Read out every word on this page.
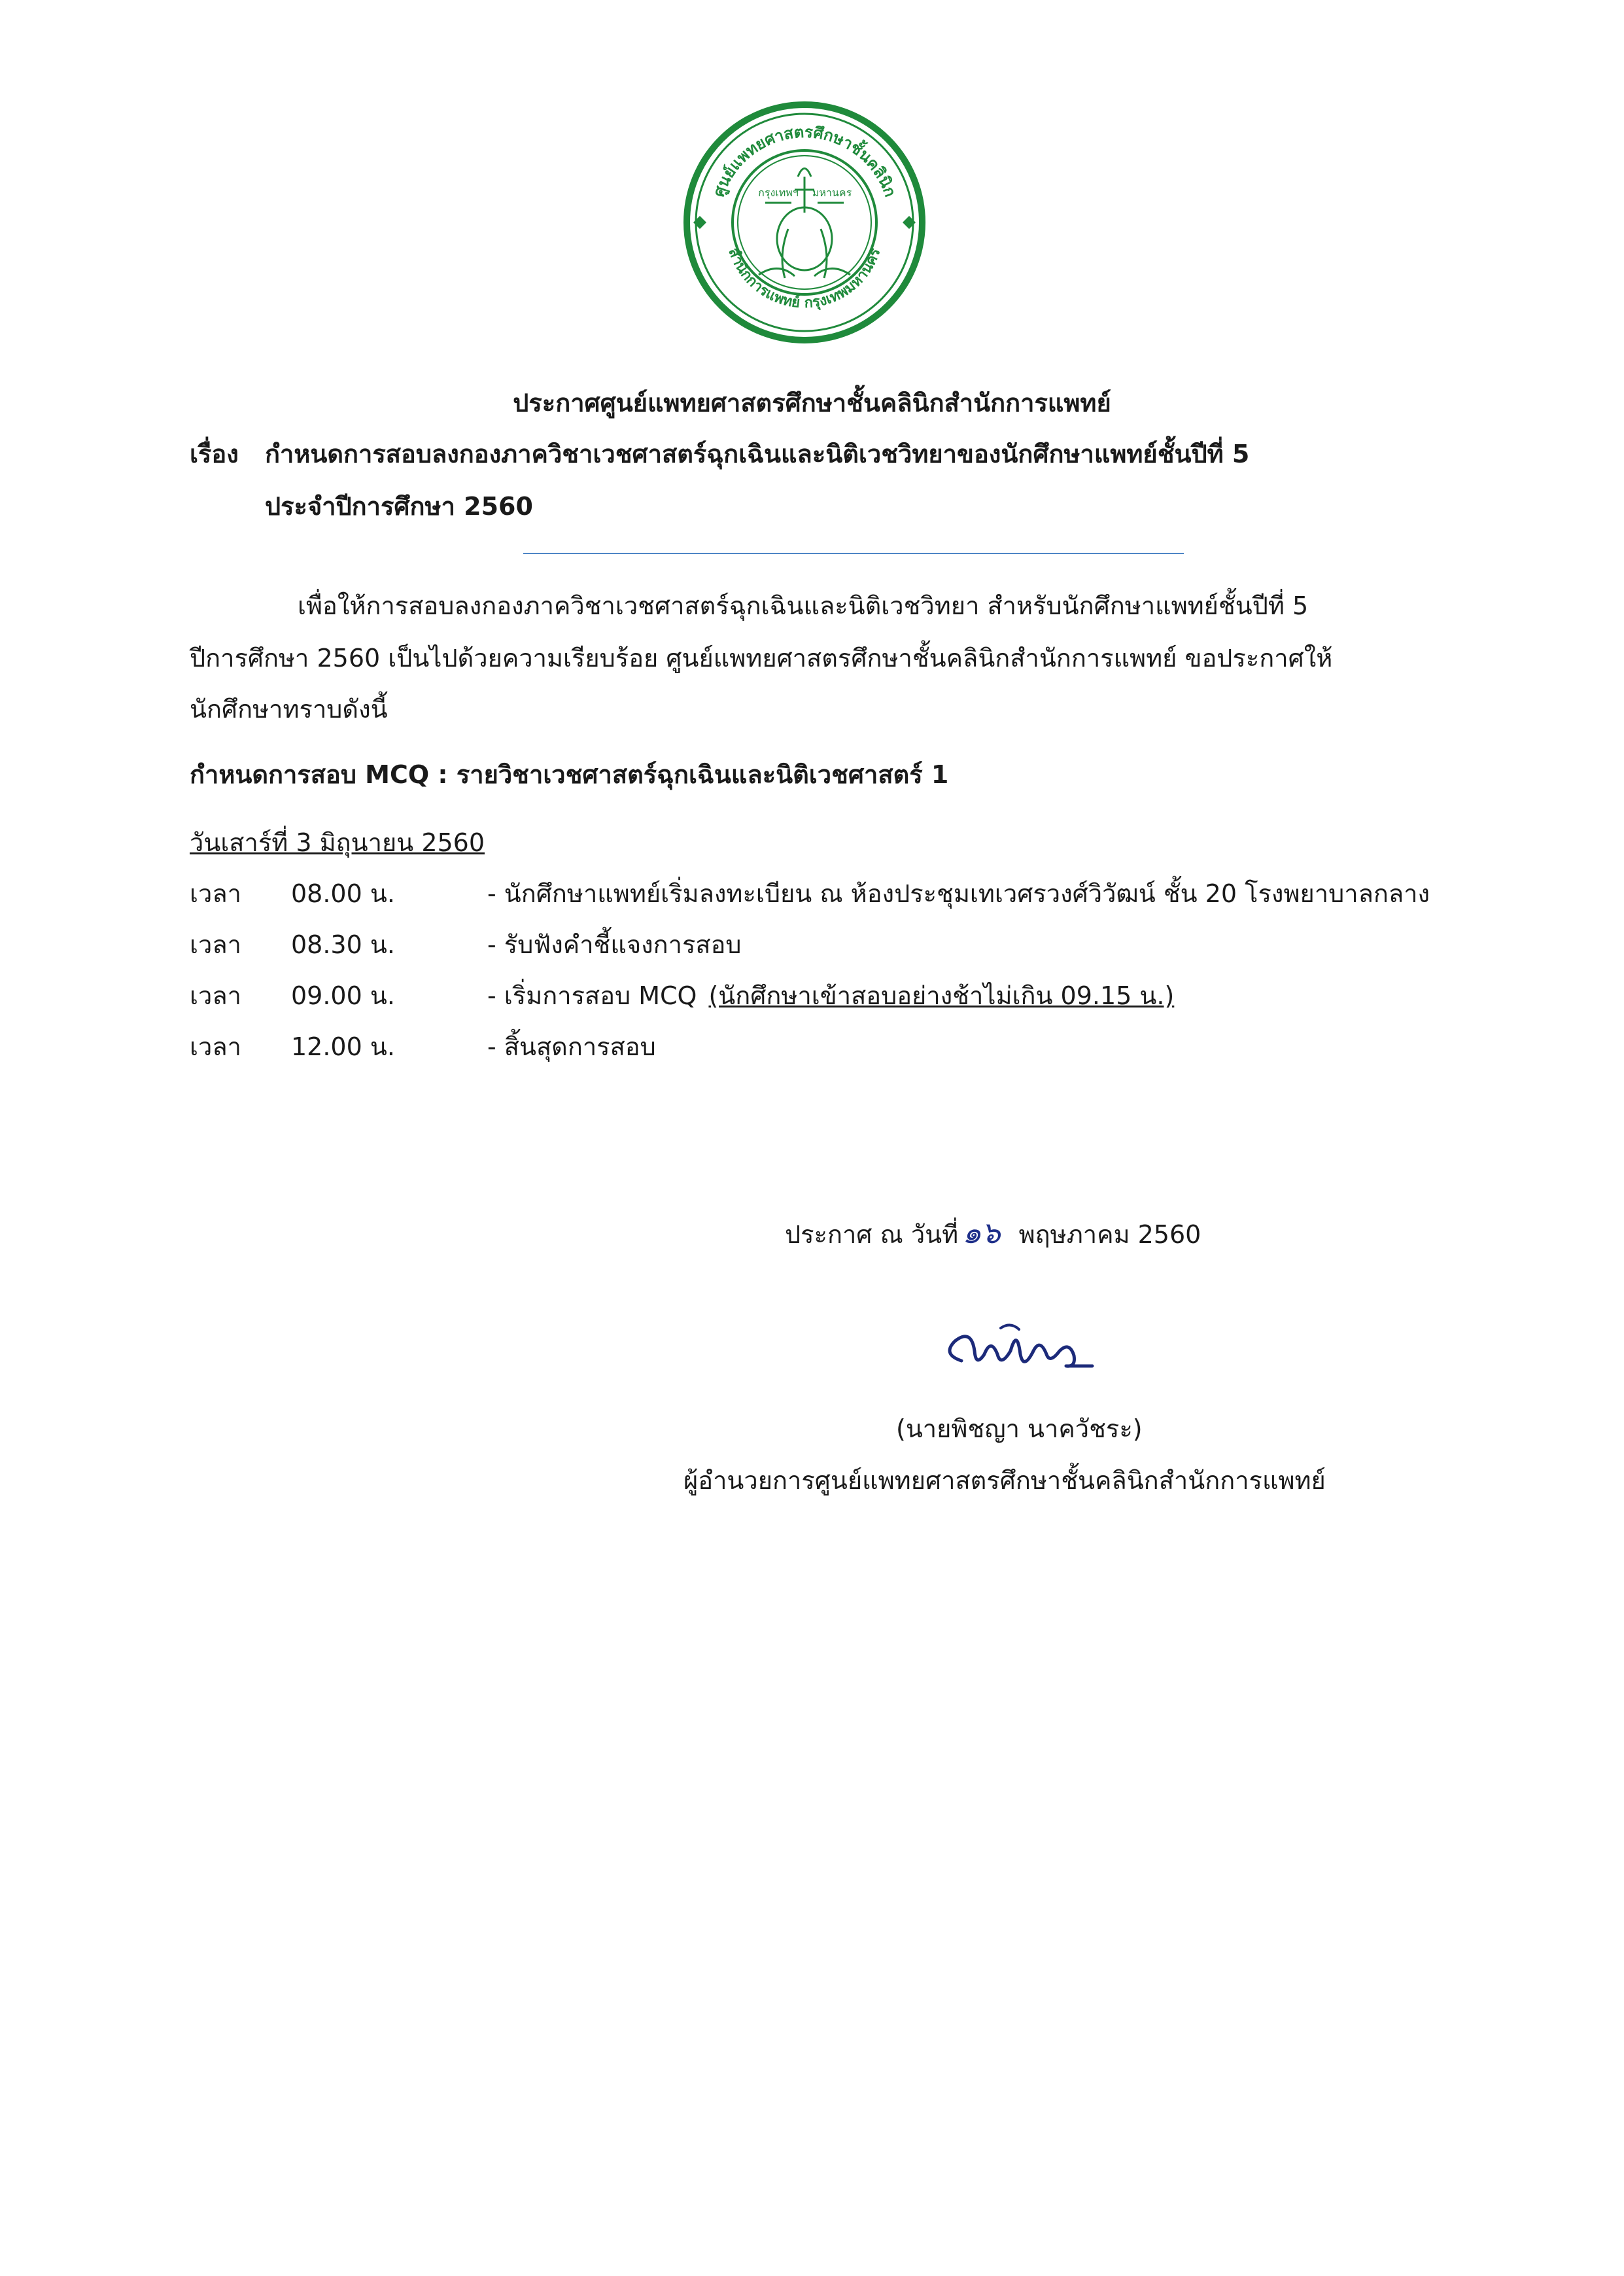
ศูนย์แพทยศาสตรศึกษาชั้นคลินิก
สำนักการแพทย์ กรุงเทพมหานคร
กรุงเทพฯ มหานคร
ประกาศศูนย์แพทยศาสตรศึกษาชั้นคลินิกสำนักการแพทย์
เรื่อง กำหนดการสอบลงกองภาควิชาเวชศาสตร์ฉุกเฉินและนิติเวชวิทยาของนักศึกษาแพทย์ชั้นปีที่ 5
ประจำปีการศึกษา 2560
เพื่อให้การสอบลงกองภาควิชาเวชศาสตร์ฉุกเฉินและนิติเวชวิทยา สำหรับนักศึกษาแพทย์ชั้นปีที่ 5
ปีการศึกษา 2560 เป็นไปด้วยความเรียบร้อย ศูนย์แพทยศาสตรศึกษาชั้นคลินิกสำนักการแพทย์ ขอประกาศให้
นักศึกษาทราบดังนี้
กำหนดการสอบ MCQ : รายวิชาเวชศาสตร์ฉุกเฉินและนิติเวชศาสตร์ 1
วันเสาร์ที่ 3 มิถุนายน 2560
เวลา 08.00 น.	- นักศึกษาแพทย์เริ่มลงทะเบียน ณ ห้องประชุมเทเวศรวงศ์วิวัฒน์ ชั้น 20 โรงพยาบาลกลาง
เวลา 08.30 น.	- รับฟังคำชี้แจงการสอบ
เวลา 09.00 น.	- เริ่มการสอบ MCQ (นักศึกษาเข้าสอบอย่างช้าไม่เกิน 09.15 น.)
เวลา 12.00 น.	- สิ้นสุดการสอบ
ประกาศ ณ วันที่ ๑๖ พฤษภาคม 2560
(นายพิชญา นาควัชระ)
ผู้อำนวยการศูนย์แพทยศาสตรศึกษาชั้นคลินิกสำนักการแพทย์
